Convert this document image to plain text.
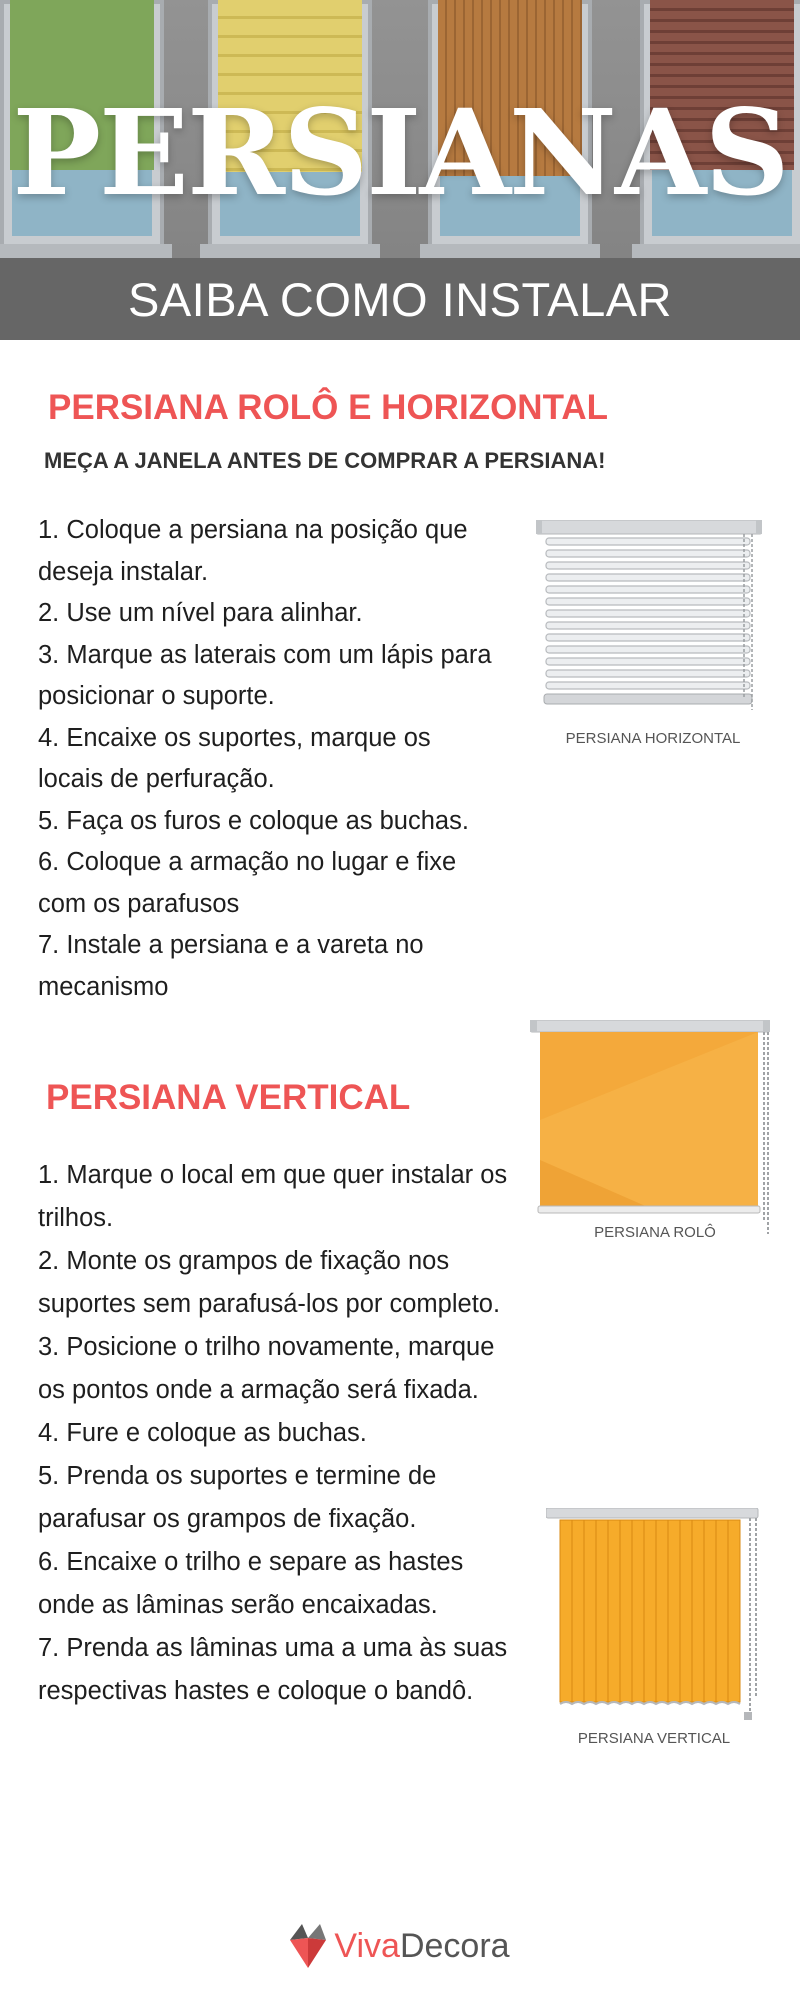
PERSIANAS
SAIBA COMO INSTALAR
PERSIANA ROLÔ E HORIZONTAL
MEÇA A JANELA ANTES DE COMPRAR A PERSIANA!
1. Coloque a persiana na posição que deseja instalar.
2. Use um nível para alinhar.
3. Marque as laterais com um lápis para posicionar o suporte.
4. Encaixe os suportes, marque os locais de perfuração.
5. Faça os furos e coloque as buchas.
6. Coloque a armação no lugar e fixe com os parafusos
7. Instale a persiana e a vareta no mecanismo
PERSIANA HORIZONTAL
PERSIANA VERTICAL
1. Marque o local em que quer instalar os trilhos.
2. Monte os grampos de fixação nos suportes sem parafusá-los por completo.
3. Posicione o trilho novamente, marque os pontos onde a armação será fixada.
4. Fure e coloque as buchas.
5. Prenda os suportes e termine de parafusar os grampos de fixação.
6. Encaixe o trilho e separe as hastes onde as lâminas serão encaixadas.
7. Prenda as lâminas uma a uma às suas respectivas hastes e coloque o bandô.
PERSIANA ROLÔ
PERSIANA VERTICAL
VivaDecora
